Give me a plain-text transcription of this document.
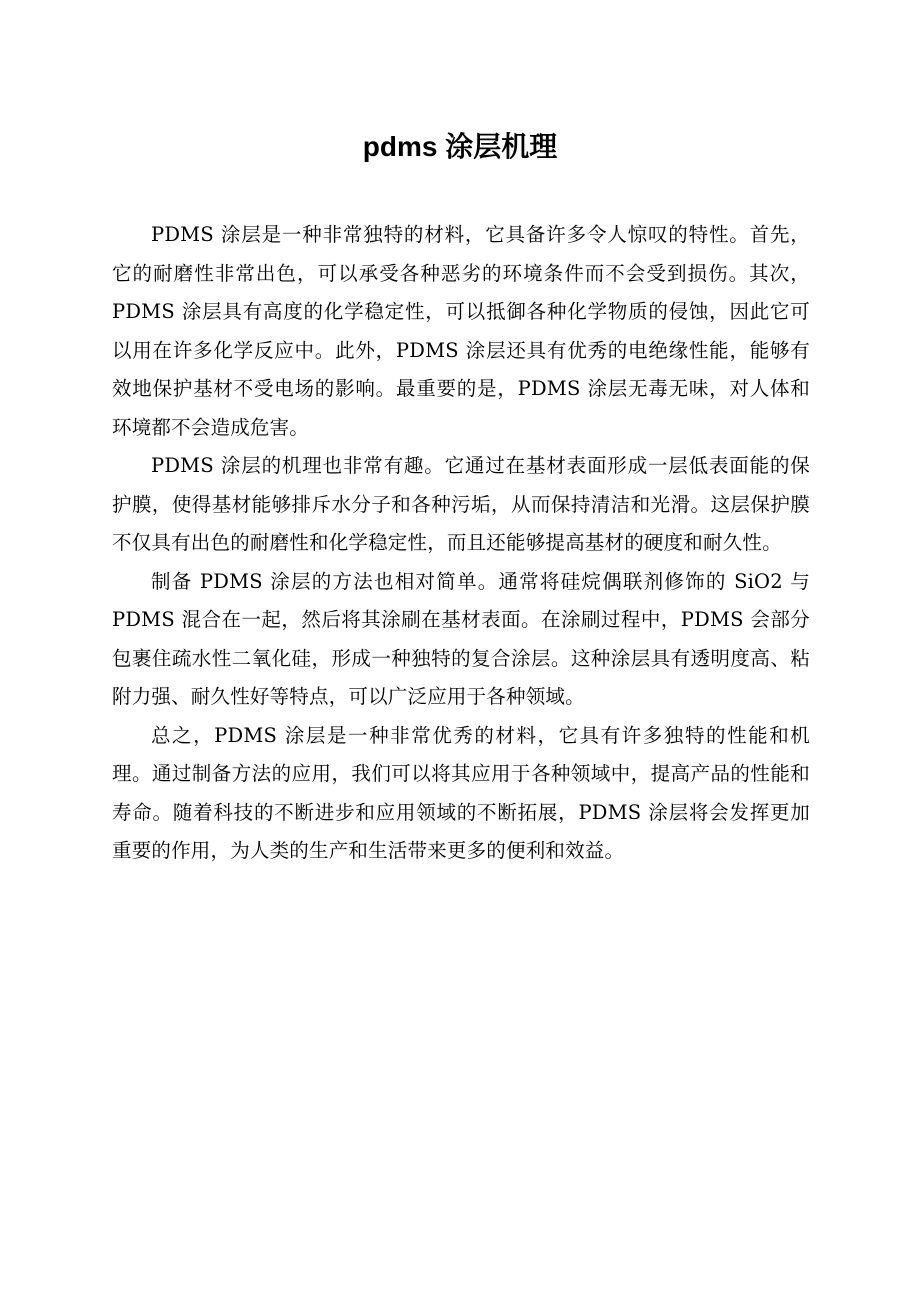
pdms 涂层机理

PDMS 涂层是一种非常独特的材料，它具备许多令人惊叹的特性。首先，它的耐磨性非常出色，可以承受各种恶劣的环境条件而不会受到损伤。其次，PDMS 涂层具有高度的化学稳定性，可以抵御各种化学物质的侵蚀，因此它可以用在许多化学反应中。此外，PDMS 涂层还具有优秀的电绝缘性能，能够有效地保护基材不受电场的影响。最重要的是，PDMS 涂层无毒无味，对人体和环境都不会造成危害。

PDMS 涂层的机理也非常有趣。它通过在基材表面形成一层低表面能的保护膜，使得基材能够排斥水分子和各种污垢，从而保持清洁和光滑。这层保护膜不仅具有出色的耐磨性和化学稳定性，而且还能够提高基材的硬度和耐久性。

制备 PDMS 涂层的方法也相对简单。通常将硅烷偶联剂修饰的 SiO2 与 PDMS 混合在一起，然后将其涂刷在基材表面。在涂刷过程中，PDMS 会部分包裹住疏水性二氧化硅，形成一种独特的复合涂层。这种涂层具有透明度高、粘附力强、耐久性好等特点，可以广泛应用于各种领域。

总之，PDMS 涂层是一种非常优秀的材料，它具有许多独特的性能和机理。通过制备方法的应用，我们可以将其应用于各种领域中，提高产品的性能和寿命。随着科技的不断进步和应用领域的不断拓展，PDMS 涂层将会发挥更加重要的作用，为人类的生产和生活带来更多的便利和效益。
